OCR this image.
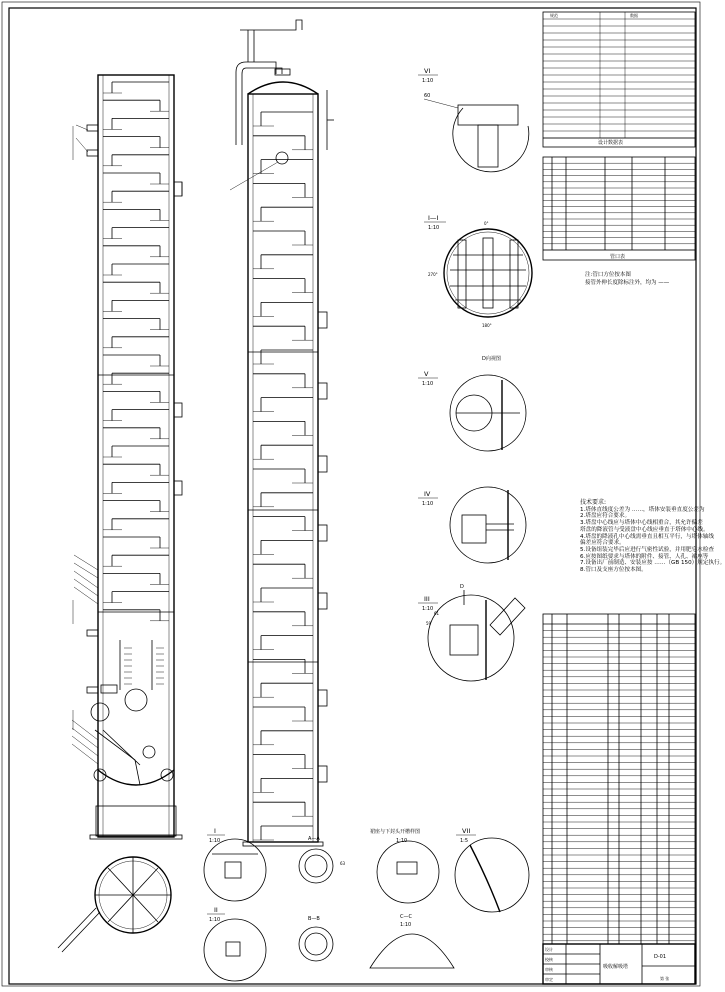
VI
1:10
60
I—I
1:10
0°
270°
180°
D向视图
V
1:10
IV
1:10
III
1:10
D
61
59
I
1:10
II
1:10
A—A
63
B—B
裙座与下封头开槽样图
1:10
VII
1:5
C—C
1:10
设计数据表
规范	数据
管口表
吸收解吸塔
D-01
设计
校核
审核
审定	第 张
注:管口方位按本图
接管外伸长度除标注外，均为 ——
技术要求:
1.塔体直线度公差为 ……，塔体安装垂直度公差为
2.塔盘应符合要求。
3.塔盘中心线应与塔体中心线相重合，其允许偏差
塔盘的降液管与受液盘中心线应垂直于塔体中心线。
4.塔盘的降液孔中心线需垂直且相互平行，与塔体轴线
偏差应符合要求。
5.设备组装完毕后应进行气密性试验，并用肥皂水检查
6.应按图纸要求与塔体的附件、接管、人孔、裙座等
7.设备出厂前制造、安装应按 ……（GB 150）规定执行。
8.管口及支座方位按本图。
